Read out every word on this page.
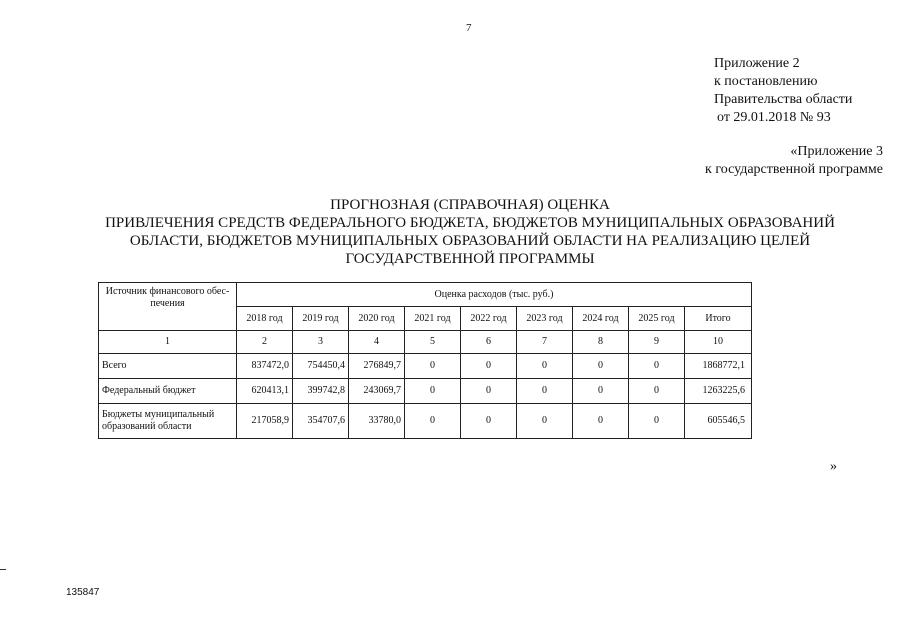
7
Приложение 2
к постановлению
Правительства области
от 29.01.2018 № 93
«Приложение 3
к государственной программе
ПРОГНОЗНАЯ (СПРАВОЧНАЯ) ОЦЕНКА
ПРИВЛЕЧЕНИЯ СРЕДСТВ ФЕДЕРАЛЬНОГО БЮДЖЕТА, БЮДЖЕТОВ МУНИЦИПАЛЬНЫХ ОБРАЗОВАНИЙ
ОБЛАСТИ, БЮДЖЕТОВ МУНИЦИПАЛЬНЫХ ОБРАЗОВАНИЙ ОБЛАСТИ НА РЕАЛИЗАЦИЮ ЦЕЛЕЙ
ГОСУДАРСТВЕННОЙ ПРОГРАММЫ
Источник финансового обес-
печения	Оценка расходов (тыс. руб.)								
	2018 год	2019 год	2020 год	2021 год	2022 год	2023 год	2024 год	2025 год	Итого
1	2	3	4	5	6	7	8	9	10
Всего	837472,0	754450,4	276849,7	0	0	0	0	0	1868772,1
Федеральный бюджет	620413,1	399742,8	243069,7	0	0	0	0	0	1263225,6

Бюджеты муниципальный
образований области	217058,9	354707,6	33780,0	0	0	0	0	0	605546,5
»
135847
